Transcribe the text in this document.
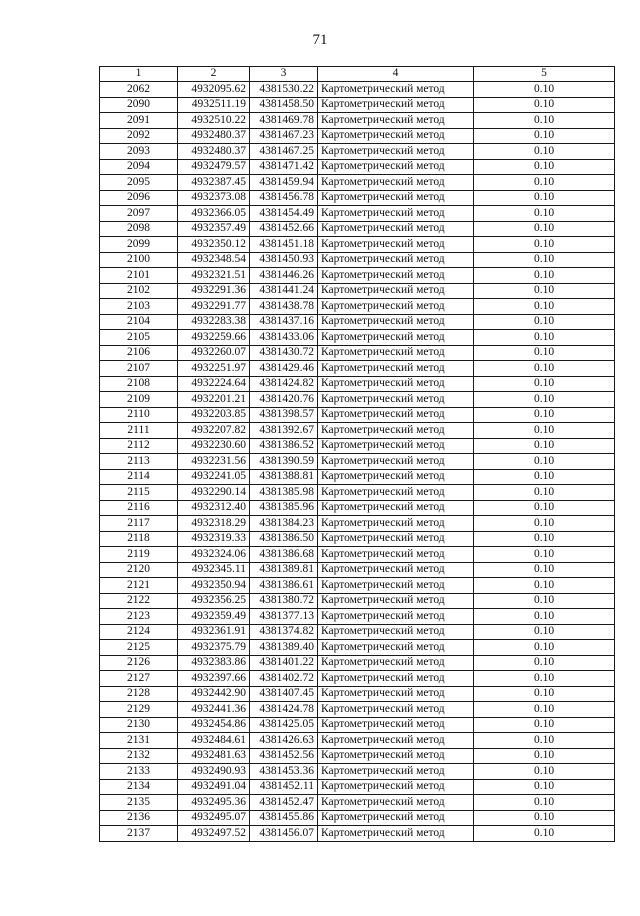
71
1	2	3	4	5
2062	4932095.62	4381530.22	Картометрический метод	0.10
2090	4932511.19	4381458.50	Картометрический метод	0.10
2091	4932510.22	4381469.78	Картометрический метод	0.10
2092	4932480.37	4381467.23	Картометрический метод	0.10
2093	4932480.37	4381467.25	Картометрический метод	0.10
2094	4932479.57	4381471.42	Картометрический метод	0.10
2095	4932387.45	4381459.94	Картометрический метод	0.10
2096	4932373.08	4381456.78	Картометрический метод	0.10
2097	4932366.05	4381454.49	Картометрический метод	0.10
2098	4932357.49	4381452.66	Картометрический метод	0.10
2099	4932350.12	4381451.18	Картометрический метод	0.10
2100	4932348.54	4381450.93	Картометрический метод	0.10
2101	4932321.51	4381446.26	Картометрический метод	0.10
2102	4932291.36	4381441.24	Картометрический метод	0.10
2103	4932291.77	4381438.78	Картометрический метод	0.10
2104	4932283.38	4381437.16	Картометрический метод	0.10
2105	4932259.66	4381433.06	Картометрический метод	0.10
2106	4932260.07	4381430.72	Картометрический метод	0.10
2107	4932251.97	4381429.46	Картометрический метод	0.10
2108	4932224.64	4381424.82	Картометрический метод	0.10
2109	4932201.21	4381420.76	Картометрический метод	0.10
2110	4932203.85	4381398.57	Картометрический метод	0.10
2111	4932207.82	4381392.67	Картометрический метод	0.10
2112	4932230.60	4381386.52	Картометрический метод	0.10
2113	4932231.56	4381390.59	Картометрический метод	0.10
2114	4932241.05	4381388.81	Картометрический метод	0.10
2115	4932290.14	4381385.98	Картометрический метод	0.10
2116	4932312.40	4381385.96	Картометрический метод	0.10
2117	4932318.29	4381384.23	Картометрический метод	0.10
2118	4932319.33	4381386.50	Картометрический метод	0.10
2119	4932324.06	4381386.68	Картометрический метод	0.10
2120	4932345.11	4381389.81	Картометрический метод	0.10
2121	4932350.94	4381386.61	Картометрический метод	0.10
2122	4932356.25	4381380.72	Картометрический метод	0.10
2123	4932359.49	4381377.13	Картометрический метод	0.10
2124	4932361.91	4381374.82	Картометрический метод	0.10
2125	4932375.79	4381389.40	Картометрический метод	0.10
2126	4932383.86	4381401.22	Картометрический метод	0.10
2127	4932397.66	4381402.72	Картометрический метод	0.10
2128	4932442.90	4381407.45	Картометрический метод	0.10
2129	4932441.36	4381424.78	Картометрический метод	0.10
2130	4932454.86	4381425.05	Картометрический метод	0.10
2131	4932484.61	4381426.63	Картометрический метод	0.10
2132	4932481.63	4381452.56	Картометрический метод	0.10
2133	4932490.93	4381453.36	Картометрический метод	0.10
2134	4932491.04	4381452.11	Картометрический метод	0.10
2135	4932495.36	4381452.47	Картометрический метод	0.10
2136	4932495.07	4381455.86	Картометрический метод	0.10
2137	4932497.52	4381456.07	Картометрический метод	0.10
